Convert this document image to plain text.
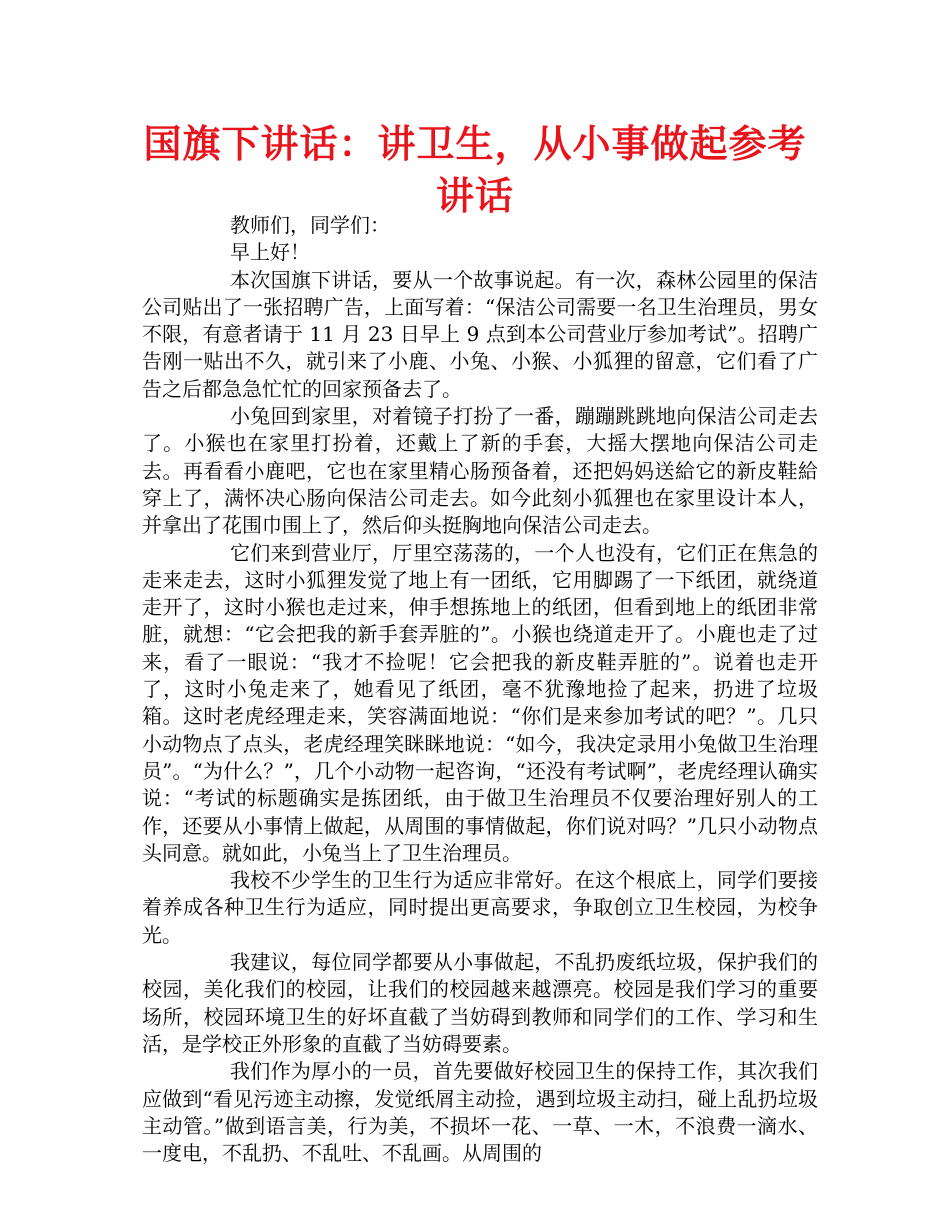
国旗下讲话：讲卫生，从小事做起参考讲话

教师们，同学们：

早上好！

本次国旗下讲话，要从一个故事说起。有一次，森林公园里的保洁公司贴出了一张招聘广告，上面写着：“保洁公司需要一名卫生治理员，男女不限，有意者请于 11 月 23 日早上 9 点到本公司营业厅参加考试”。招聘广告刚一贴出不久，就引来了小鹿、小兔、小猴、小狐狸的留意，它们看了广告之后都急急忙忙的回家预备去了。

小兔回到家里，对着镜子打扮了一番，蹦蹦跳跳地向保洁公司走去了。小猴也在家里打扮着，还戴上了新的手套，大摇大摆地向保洁公司走去。再看看小鹿吧，它也在家里精心肠预备着，还把妈妈送給它的新皮鞋給穿上了，满怀决心肠向保洁公司走去。如今此刻小狐狸也在家里设计本人，并拿出了花围巾围上了，然后仰头挺胸地向保洁公司走去。

它们来到营业厅，厅里空荡荡的，一个人也没有，它们正在焦急的走来走去，这时小狐狸发觉了地上有一团纸，它用脚踢了一下纸团，就绕道走开了，这时小猴也走过来，伸手想拣地上的纸团，但看到地上的纸团非常脏，就想：“它会把我的新手套弄脏的”。小猴也绕道走开了。小鹿也走了过来，看了一眼说：“我才不捡呢！它会把我的新皮鞋弄脏的”。说着也走开了，这时小兔走来了，她看见了纸团，毫不犹豫地捡了起来，扔进了垃圾箱。这时老虎经理走来，笑容满面地说：“你们是来参加考试的吧？”。几只小动物点了点头，老虎经理笑眯眯地说：“如今，我决定录用小兔做卫生治理员”。“为什么？”，几个小动物一起咨询，“还没有考试啊”，老虎经理认确实说：“考试的标题确实是拣团纸，由于做卫生治理员不仅要治理好别人的工作，还要从小事情上做起，从周围的事情做起，你们说对吗？”几只小动物点头同意。就如此，小兔当上了卫生治理员。

我校不少学生的卫生行为适应非常好。在这个根底上，同学们要接着养成各种卫生行为适应，同时提出更高要求，争取创立卫生校园，为校争光。

我建议，每位同学都要从小事做起，不乱扔废纸垃圾，保护我们的校园，美化我们的校园，让我们的校园越来越漂亮。校园是我们学习的重要场所，校园环境卫生的好坏直截了当妨碍到教师和同学们的工作、学习和生活，是学校正外形象的直截了当妨碍要素。

我们作为厚小的一员，首先要做好校园卫生的保持工作，其次我们应做到“看见污迹主动擦，发觉纸屑主动捡，遇到垃圾主动扫，碰上乱扔垃圾主动管。”做到语言美，行为美，不损坏一花、一草、一木，不浪费一滴水、一度电，不乱扔、不乱吐、不乱画。从周围的
